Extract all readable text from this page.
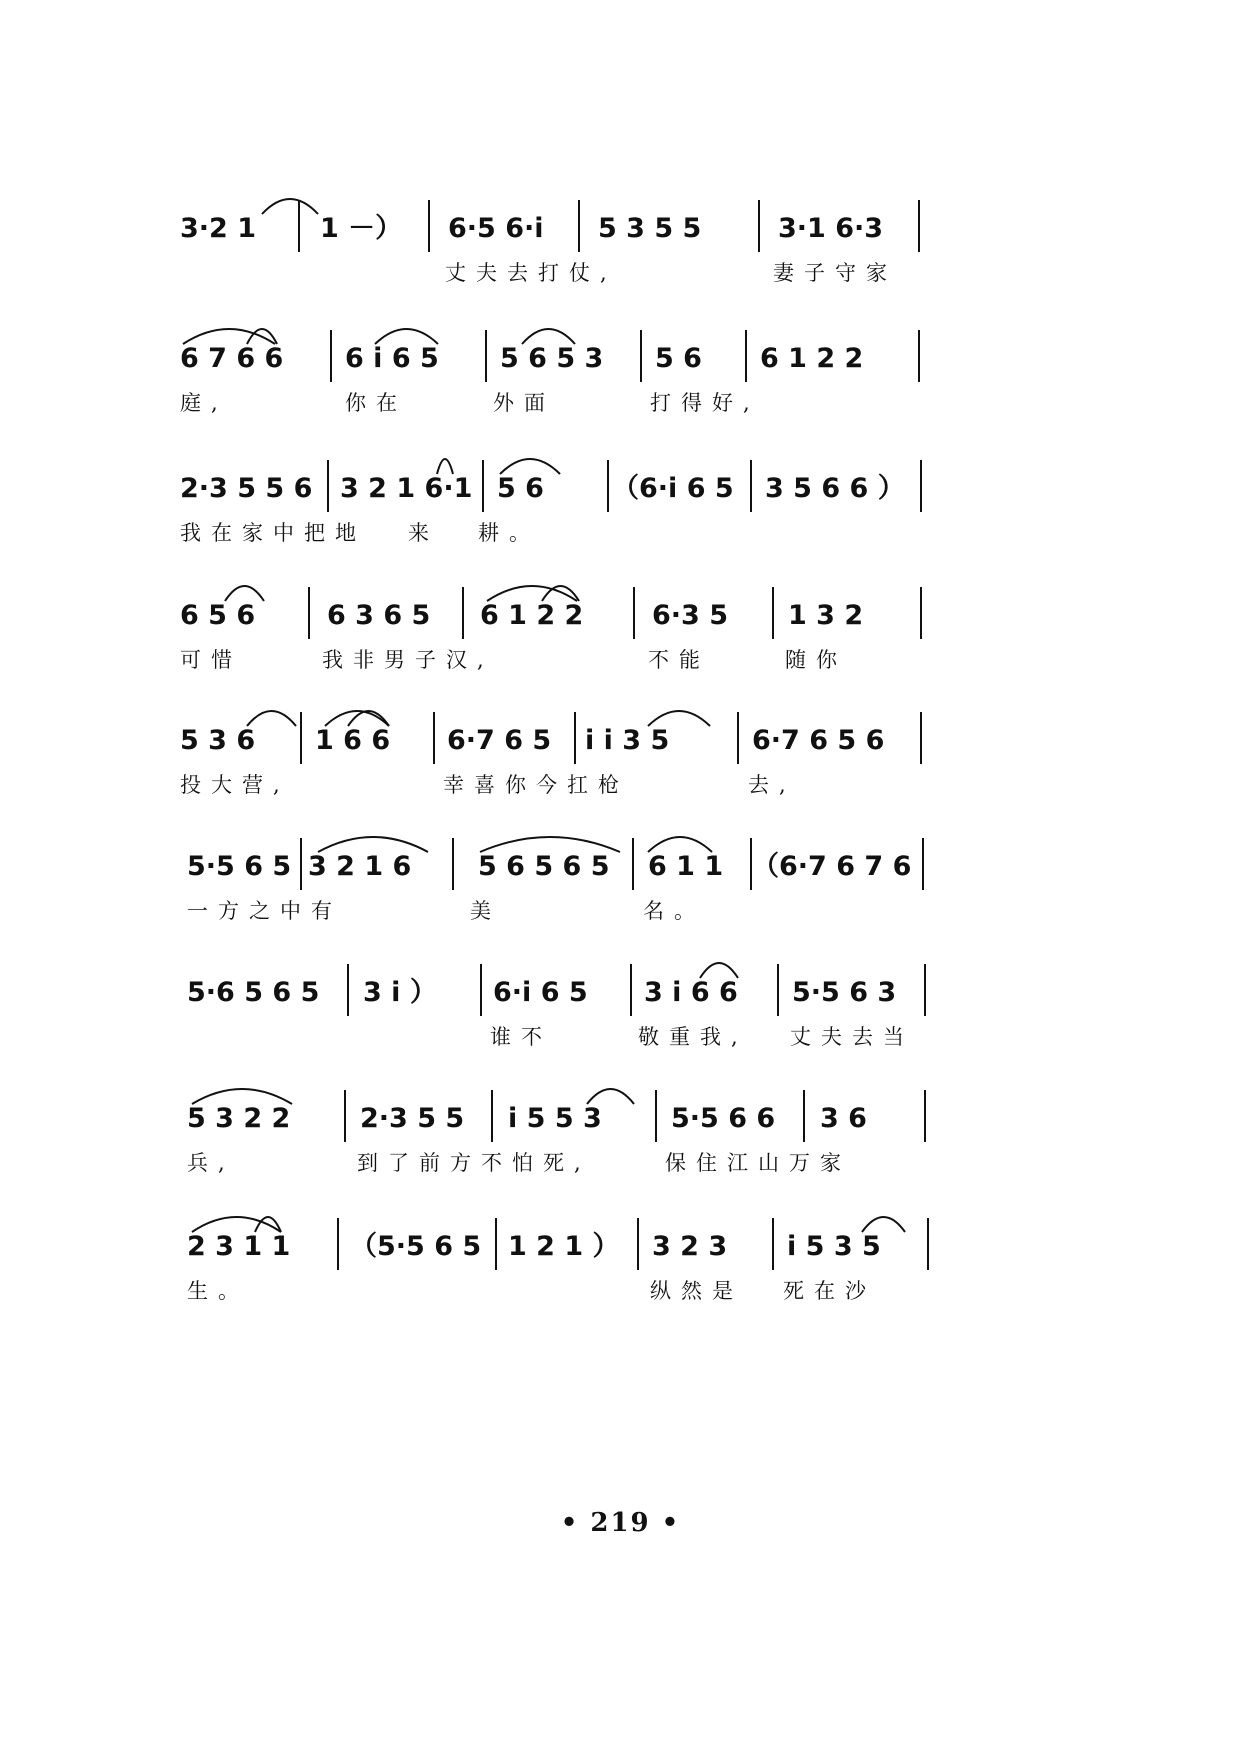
3·2 1 1 －） 6·5 6·i 5 3 5 5	3·1 6·3
丈夫去打仗,	妻子守家
6 7 6 6 6 i 6 5 5 6 5 3 5 6 6 1 2 2
庭,	你在	外面	打得好,
2·3 5 5 6 3 2 1 6·1 5 6	（6·i 6 5 3 5 6 6 ）
我在家中把地 来 耕。
6 5 6	6 3 6 5 6 1 2 2	6·3 5 1 3 2
可惜	我非男子汉,	不能	随你
5 3 6 1 6 6 6·7 6 5 i i 3 5	6·7 6 5 6
投大营,	幸喜你今扛枪	去,
5·5 6 5 3 2 1 6 5 6 5 6 5 6 1 1 （6·7 6 7 6
一方之中有	美	名。
5·6 5 6 5 3 i ） 6·i 6 5 3 i 6 6 5·5 6 3
谁不	敬重我, 丈夫去当
5 3 2 2	2·3 5 5 i 5 5 3	5·5 6 6 3 6
兵,	到了前方不怕死,	保住江山万家
2 3 1 1 （5·5 6 5 1 2 1 ） 3 2 3 i 5 3 5
生。	纵然是 死在沙
• 219 •
